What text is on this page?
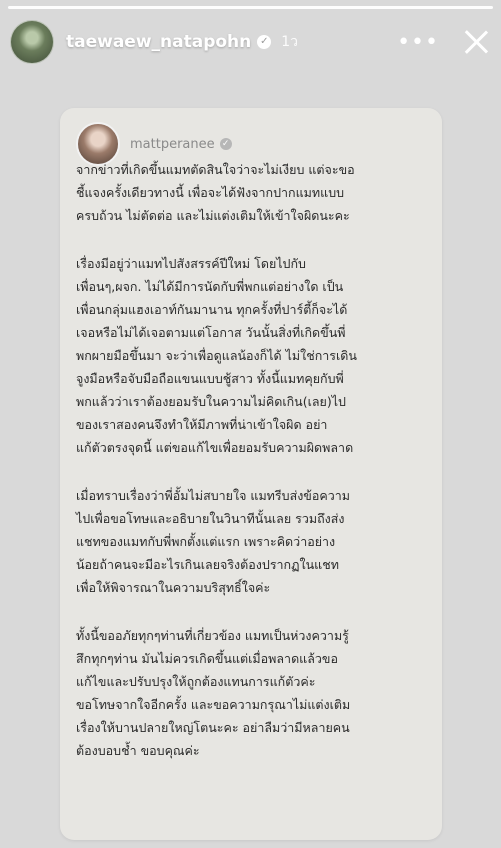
taewaew_natapohn ✓ 1ว	•••
mattperanee ✓
จากข่าวที่เกิดขึ้นแมทตัดสินใจว่าจะไม่เงียบ แต่จะขอ
ชี้แจงครั้งเดียวทางนี้ เพื่อจะได้ฟังจากปากแมทแบบ
ครบถ้วน ไม่ตัดต่อ และไม่แต่งเติมให้เข้าใจผิดนะคะ
เรื่องมีอยู่ว่าแมทไปสังสรรค์ปีใหม่ โดยไปกับ
เพื่อนๆ,ผจก. ไม่ได้มีการนัดกับพี่พกแต่อย่างใด เป็น
เพื่อนกลุ่มแฮงเอาท์กันมานาน ทุกครั้งที่ปาร์ตี้ก็จะได้
เจอหรือไม่ได้เจอตามแต่โอกาส วันนั้นสิ่งที่เกิดขึ้นพี่
พกผายมือขึ้นมา จะว่าเพื่อดูแลน้องก็ได้ ไม่ใช่การเดิน
จูงมือหรือจับมือถือแขนแบบชู้สาว ทั้งนี้แมทคุยกับพี่
พกแล้วว่าเราต้องยอมรับในความไม่คิดเกิน(เลย)ไป
ของเราสองคนจึงทำให้มีภาพที่น่าเข้าใจผิด อย่า
แก้ตัวตรงจุดนี้ แต่ขอแก้ไขเพื่อยอมรับความผิดพลาด
เมื่อทราบเรื่องว่าพี่อั้มไม่สบายใจ แมทรีบส่งข้อความ
ไปเพื่อขอโทษและอธิบายในวินาทีนั้นเลย รวมถึงส่ง
แชทของแมทกับพี่พกตั้งแต่แรก เพราะคิดว่าอย่าง
น้อยถ้าคนจะมีอะไรเกินเลยจริงต้องปรากฏในแชท
เพื่อให้พิจารณาในความบริสุทธิ์ใจค่ะ
ทั้งนี้ขออภัยทุกๆท่านที่เกี่ยวข้อง แมทเป็นห่วงความรู้
สึกทุกๆท่าน มันไม่ควรเกิดขึ้นแต่เมื่อพลาดแล้วขอ
แก้ไขและปรับปรุงให้ถูกต้องแทนการแก้ตัวค่ะ
ขอโทษจากใจอีกครั้ง และขอความกรุณาไม่แต่งเติม
เรื่องให้บานปลายใหญ่โตนะคะ อย่าลืมว่ามีหลายคน
ต้องบอบช้ำ ขอบคุณค่ะ
